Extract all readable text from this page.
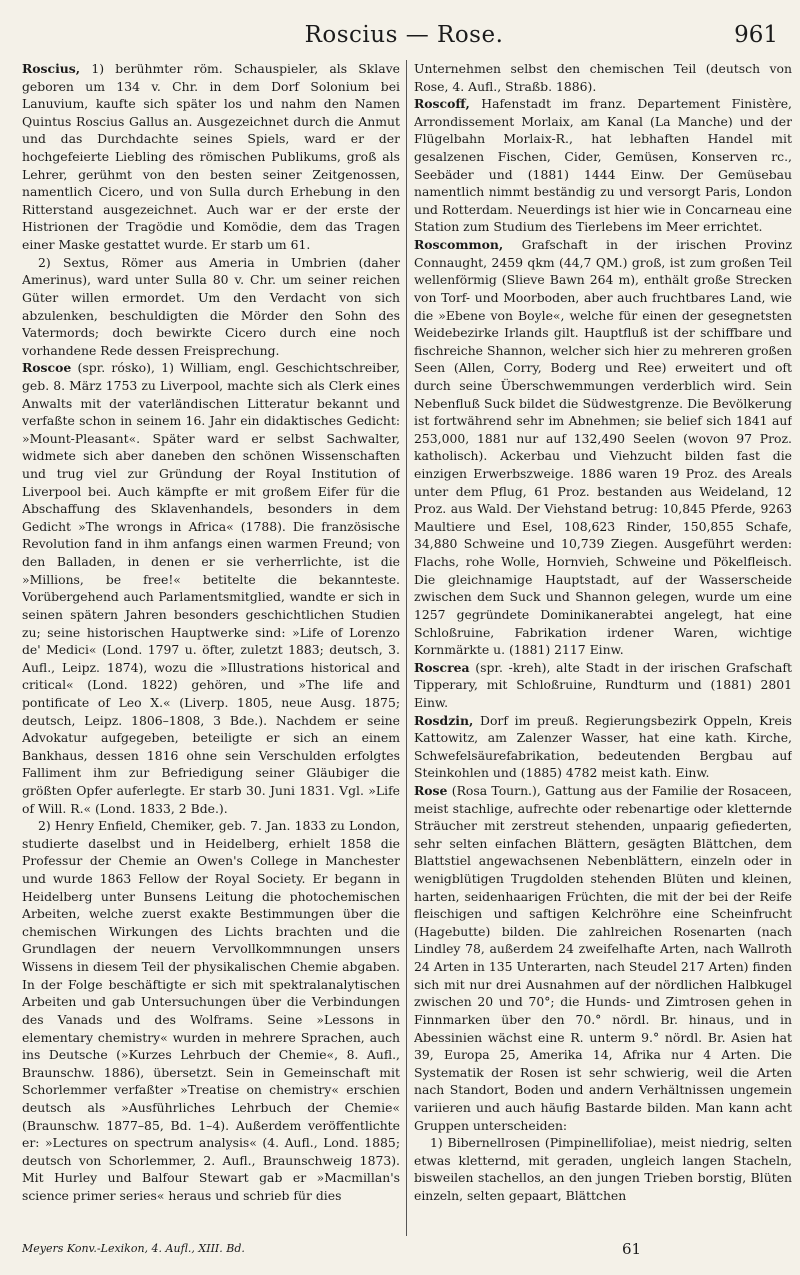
Roscius — Rose.	961

Roscius, 1) berühmter röm. Schauspieler, als Sklave geboren um 134 v. Chr. in dem Dorf Solonium bei Lanuvium, kaufte sich später los und nahm den Namen Quintus Roscius Gallus an. Ausgezeichnet durch die Anmut und das Durchdachte seines Spiels, ward er der hochgefeierte Liebling des römischen Publikums, groß als Lehrer, gerühmt von den besten seiner Zeitgenossen, namentlich Cicero, und von Sulla durch Erhebung in den Ritterstand ausgezeichnet. Auch war er der erste der Histrionen der Tragödie und Komödie, dem das Tragen einer Maske gestattet wurde. Er starb um 61.

2) Sextus, Römer aus Ameria in Umbrien (daher Amerinus), ward unter Sulla 80 v. Chr. um seiner reichen Güter willen ermordet. Um den Verdacht von sich abzulenken, beschuldigten die Mörder den Sohn des Vatermords; doch bewirkte Cicero durch eine noch vorhandene Rede dessen Freisprechung.

Roscoe (spr. rósko), 1) William, engl. Geschichtschreiber, geb. 8. März 1753 zu Liverpool, machte sich als Clerk eines Anwalts mit der vaterländischen Litteratur bekannt und verfaßte schon in seinem 16. Jahr ein didaktisches Gedicht: »Mount-Pleasant«. Später ward er selbst Sachwalter, widmete sich aber daneben den schönen Wissenschaften und trug viel zur Gründung der Royal Institution of Liverpool bei. Auch kämpfte er mit großem Eifer für die Abschaffung des Sklavenhandels, besonders in dem Gedicht »The wrongs in Africa« (1788). Die französische Revolution fand in ihm anfangs einen warmen Freund; von den Balladen, in denen er sie verherrlichte, ist die »Millions, be free!« betitelte die bekannteste. Vorübergehend auch Parlamentsmitglied, wandte er sich in seinen spätern Jahren besonders geschichtlichen Studien zu; seine historischen Hauptwerke sind: »Life of Lorenzo de' Medici« (Lond. 1797 u. öfter, zuletzt 1883; deutsch, 3. Aufl., Leipz. 1874), wozu die »Illustrations historical and critical« (Lond. 1822) gehören, und »The life and pontificate of Leo X.« (Liverp. 1805, neue Ausg. 1875; deutsch, Leipz. 1806–1808, 3 Bde.). Nachdem er seine Advokatur aufgegeben, beteiligte er sich an einem Bankhaus, dessen 1816 ohne sein Verschulden erfolgtes Falliment ihm zur Befriedigung seiner Gläubiger die größten Opfer auferlegte. Er starb 30. Juni 1831. Vgl. »Life of Will. R.« (Lond. 1833, 2 Bde.).

2) Henry Enfield, Chemiker, geb. 7. Jan. 1833 zu London, studierte daselbst und in Heidelberg, erhielt 1858 die Professur der Chemie an Owen's College in Manchester und wurde 1863 Fellow der Royal Society. Er begann in Heidelberg unter Bunsens Leitung die photochemischen Arbeiten, welche zuerst exakte Bestimmungen über die chemischen Wirkungen des Lichts brachten und die Grundlagen der neuern Vervollkommnungen unsers Wissens in diesem Teil der physikalischen Chemie abgaben. In der Folge beschäftigte er sich mit spektralanalytischen Arbeiten und gab Untersuchungen über die Verbindungen des Vanads und des Wolframs. Seine »Lessons in elementary chemistry« wurden in mehrere Sprachen, auch ins Deutsche (»Kurzes Lehrbuch der Chemie«, 8. Aufl., Braunschw. 1886), übersetzt. Sein in Gemeinschaft mit Schorlemmer verfaßter »Treatise on chemistry« erschien deutsch als »Ausführliches Lehrbuch der Chemie« (Braunschw. 1877–85, Bd. 1–4). Außerdem veröffentlichte er: »Lectures on spectrum analysis« (4. Aufl., Lond. 1885; deutsch von Schorlemmer, 2. Aufl., Braunschweig 1873). Mit Hurley und Balfour Stewart gab er »Macmillan's science primer series« heraus und schrieb für dies

Unternehmen selbst den chemischen Teil (deutsch von Rose, 4. Aufl., Straßb. 1886).

Roscoff, Hafenstadt im franz. Departement Finistère, Arrondissement Morlaix, am Kanal (La Manche) und der Flügelbahn Morlaix-R., hat lebhaften Handel mit gesalzenen Fischen, Cider, Gemüsen, Konserven rc., Seebäder und (1881) 1444 Einw. Der Gemüsebau namentlich nimmt beständig zu und versorgt Paris, London und Rotterdam. Neuerdings ist hier wie in Concarneau eine Station zum Studium des Tierlebens im Meer errichtet.

Roscommon, Grafschaft in der irischen Provinz Connaught, 2459 qkm (44,7 QM.) groß, ist zum großen Teil wellenförmig (Slieve Bawn 264 m), enthält große Strecken von Torf- und Moorboden, aber auch fruchtbares Land, wie die »Ebene von Boyle«, welche für einen der gesegnetsten Weidebezirke Irlands gilt. Hauptfluß ist der schiffbare und fischreiche Shannon, welcher sich hier zu mehreren großen Seen (Allen, Corry, Boderg und Ree) erweitert und oft durch seine Überschwemmungen verderblich wird. Sein Nebenfluß Suck bildet die Südwestgrenze. Die Bevölkerung ist fortwährend sehr im Abnehmen; sie belief sich 1841 auf 253,000, 1881 nur auf 132,490 Seelen (wovon 97 Proz. katholisch). Ackerbau und Viehzucht bilden fast die einzigen Erwerbszweige. 1886 waren 19 Proz. des Areals unter dem Pflug, 61 Proz. bestanden aus Weideland, 12 Proz. aus Wald. Der Viehstand betrug: 10,845 Pferde, 9263 Maultiere und Esel, 108,623 Rinder, 150,855 Schafe, 34,880 Schweine und 10,739 Ziegen. Ausgeführt werden: Flachs, rohe Wolle, Hornvieh, Schweine und Pökelfleisch. Die gleichnamige Hauptstadt, auf der Wasserscheide zwischen dem Suck und Shannon gelegen, wurde um eine 1257 gegründete Dominikanerabtei angelegt, hat eine Schloßruine, Fabrikation irdener Waren, wichtige Kornmärkte u. (1881) 2117 Einw.

Roscrea (spr. -kreh), alte Stadt in der irischen Grafschaft Tipperary, mit Schloßruine, Rundturm und (1881) 2801 Einw.

Rosdzin, Dorf im preuß. Regierungsbezirk Oppeln, Kreis Kattowitz, am Zalenzer Wasser, hat eine kath. Kirche, Schwefelsäurefabrikation, bedeutenden Bergbau auf Steinkohlen und (1885) 4782 meist kath. Einw.

Rose (Rosa Tourn.), Gattung aus der Familie der Rosaceen, meist stachlige, aufrechte oder rebenartige oder kletternde Sträucher mit zerstreut stehenden, unpaarig gefiederten, sehr selten einfachen Blättern, gesägten Blättchen, dem Blattstiel angewachsenen Nebenblättern, einzeln oder in wenigblütigen Trugdolden stehenden Blüten und kleinen, harten, seidenhaarigen Früchten, die mit der bei der Reife fleischigen und saftigen Kelchröhre eine Scheinfrucht (Hagebutte) bilden. Die zahlreichen Rosenarten (nach Lindley 78, außerdem 24 zweifelhafte Arten, nach Wallroth 24 Arten in 135 Unterarten, nach Steudel 217 Arten) finden sich mit nur drei Ausnahmen auf der nördlichen Halbkugel zwischen 20 und 70°; die Hunds- und Zimtrosen gehen in Finnmarken über den 70.° nördl. Br. hinaus, und in Abessinien wächst eine R. unterm 9.° nördl. Br. Asien hat 39, Europa 25, Amerika 14, Afrika nur 4 Arten. Die Systematik der Rosen ist sehr schwierig, weil die Arten nach Standort, Boden und andern Verhältnissen ungemein variieren und auch häufig Bastarde bilden. Man kann acht Gruppen unterscheiden:

1) Bibernellrosen (Pimpinellifoliae), meist niedrig, selten etwas kletternd, mit geraden, ungleich langen Stacheln, bisweilen stachellos, an den jungen Trieben borstig, Blüten einzeln, selten gepaart, Blättchen

Meyers Konv.-Lexikon, 4. Aufl., XIII. Bd.	61
